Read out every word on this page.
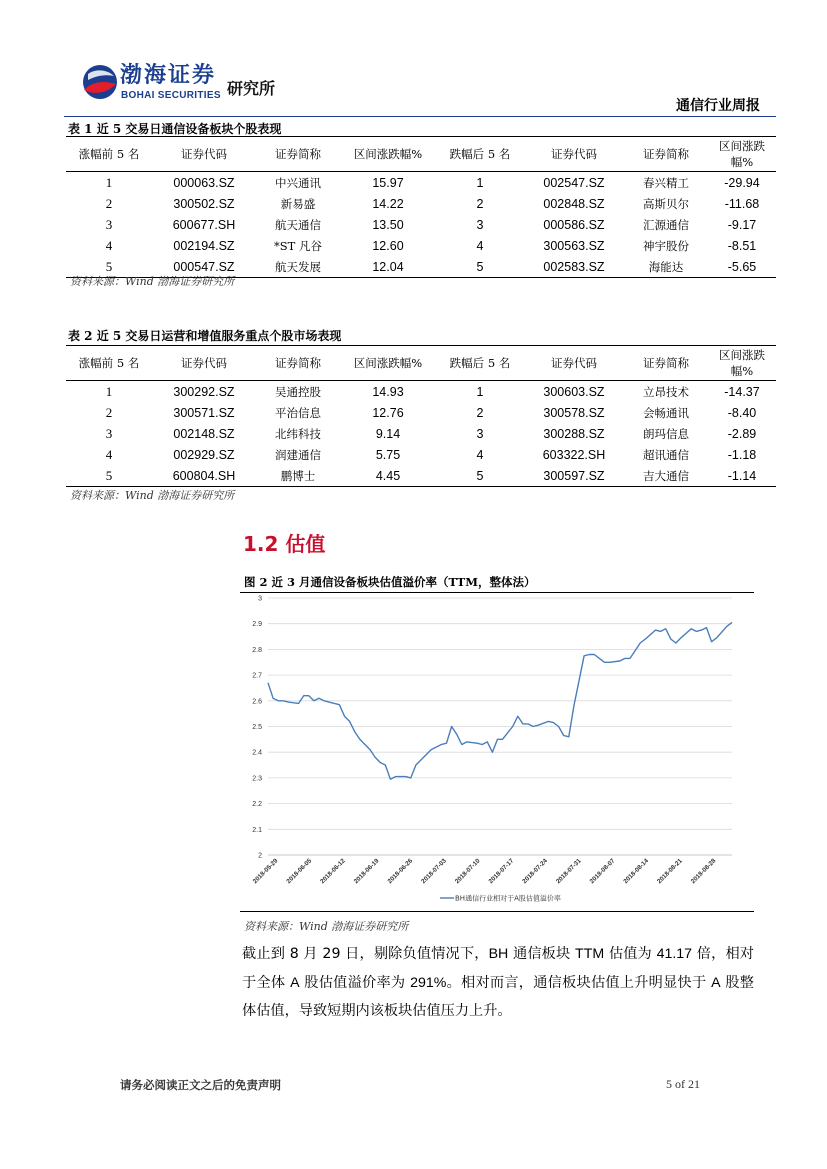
渤海证券
BOHAI SECURITIES 研究所
通信行业周报
表 1 近 5 交易日通信设备板块个股表现
涨幅前 5 名	证券代码	证券简称	区间涨跌幅%	跌幅后 5 名	证券代码	证券简称	区间涨跌幅%
1	000063.SZ	中兴通讯	15.97	1	002547.SZ	春兴精工	-29.94
2	300502.SZ	新易盛	14.22	2	002848.SZ	高斯贝尔	-11.68
3	600677.SH	航天通信	13.50	3	000586.SZ	汇源通信	-9.17
4	002194.SZ	*ST 凡谷	12.60	4	300563.SZ	神宇股份	-8.51
5	000547.SZ	航天发展	12.04	5	002583.SZ	海能达	-5.65
资料来源：Wind 渤海证券研究所
表 2 近 5 交易日运营和增值服务重点个股市场表现
涨幅前 5 名	证券代码	证券简称	区间涨跌幅%	跌幅后 5 名	证券代码	证券简称	区间涨跌幅%
1	300292.SZ	吴通控股	14.93	1	300603.SZ	立昂技术	-14.37
2	300571.SZ	平治信息	12.76	2	300578.SZ	会畅通讯	-8.40
3	002148.SZ	北纬科技	9.14	3	300288.SZ	朗玛信息	-2.89
4	002929.SZ	润建通信	5.75	4	603322.SH	超讯通信	-1.18
5	600804.SH	鹏博士	4.45	5	300597.SZ	吉大通信	-1.14
资料来源：Wind 渤海证券研究所
1.2 估值
图 2 近 3 月通信设备板块估值溢价率（TTM，整体法）
2
2.1
2.2
2.3
2.4
2.5
2.6
2.7
2.8
2.9
3
2018-05-29 2018-06-05 2018-06-12 2018-06-19 2018-06-26 2018-07-03 2018-07-10 2018-07-17 2018-07-24 2018-07-31 2018-08-07 2018-08-14 2018-08-21 2018-08-28
BH通信行业相对于A股估值溢价率
资料来源：Wind 渤海证券研究所
截止到 8 月 29 日，剔除负值情况下，BH 通信板块 TTM 估值为 41.17 倍，相对于全体 A 股估值溢价率为 291%。相对而言，通信板块估值上升明显快于 A 股整体估值，导致短期内该板块估值压力上升。
请务必阅读正文之后的免责声明	5 of 21
